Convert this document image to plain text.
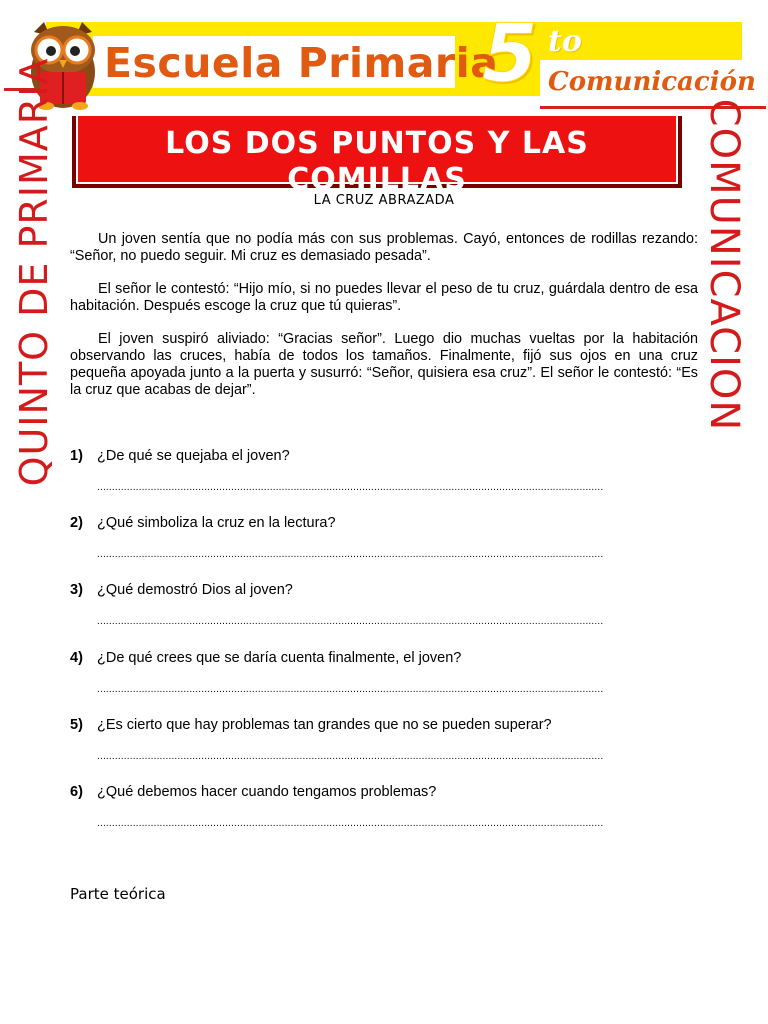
Escuela Primaria
5 to
Comunicación
QUINTO DE PRIMARIA	COMUNICACION
LOS DOS PUNTOS Y LAS COMILLAS
LA CRUZ ABRAZADA

Un joven sentía que no podía más con sus problemas. Cayó, entonces de rodillas rezando: “Señor, no puedo seguir. Mi cruz es demasiado pesada”.

El señor le contestó: “Hijo mío, si no puedes llevar el peso de tu cruz, guárdala dentro de esa habitación. Después escoge la cruz que tú quieras”.

El joven suspiró aliviado: “Gracias señor”. Luego dio muchas vueltas por la habitación observando las cruces, había de todos los tamaños. Finalmente, fijó sus ojos en una cruz pequeña apoyada junto a la puerta y susurró: “Señor, quisiera esa cruz”. El señor le contestó: “Es la cruz que acabas de dejar”.

1) ¿De qué se quejaba el joven?
..........................................................................................................................................................................
2) ¿Qué simboliza la cruz en la lectura?
..........................................................................................................................................................................
3) ¿Qué demostró Dios al joven?
..........................................................................................................................................................................
4) ¿De qué crees que se daría cuenta finalmente, el joven?
..........................................................................................................................................................................
5) ¿Es cierto que hay problemas tan grandes que no se pueden superar?
..........................................................................................................................................................................
6) ¿Qué debemos hacer cuando tengamos problemas?
..........................................................................................................................................................................
Parte teórica
